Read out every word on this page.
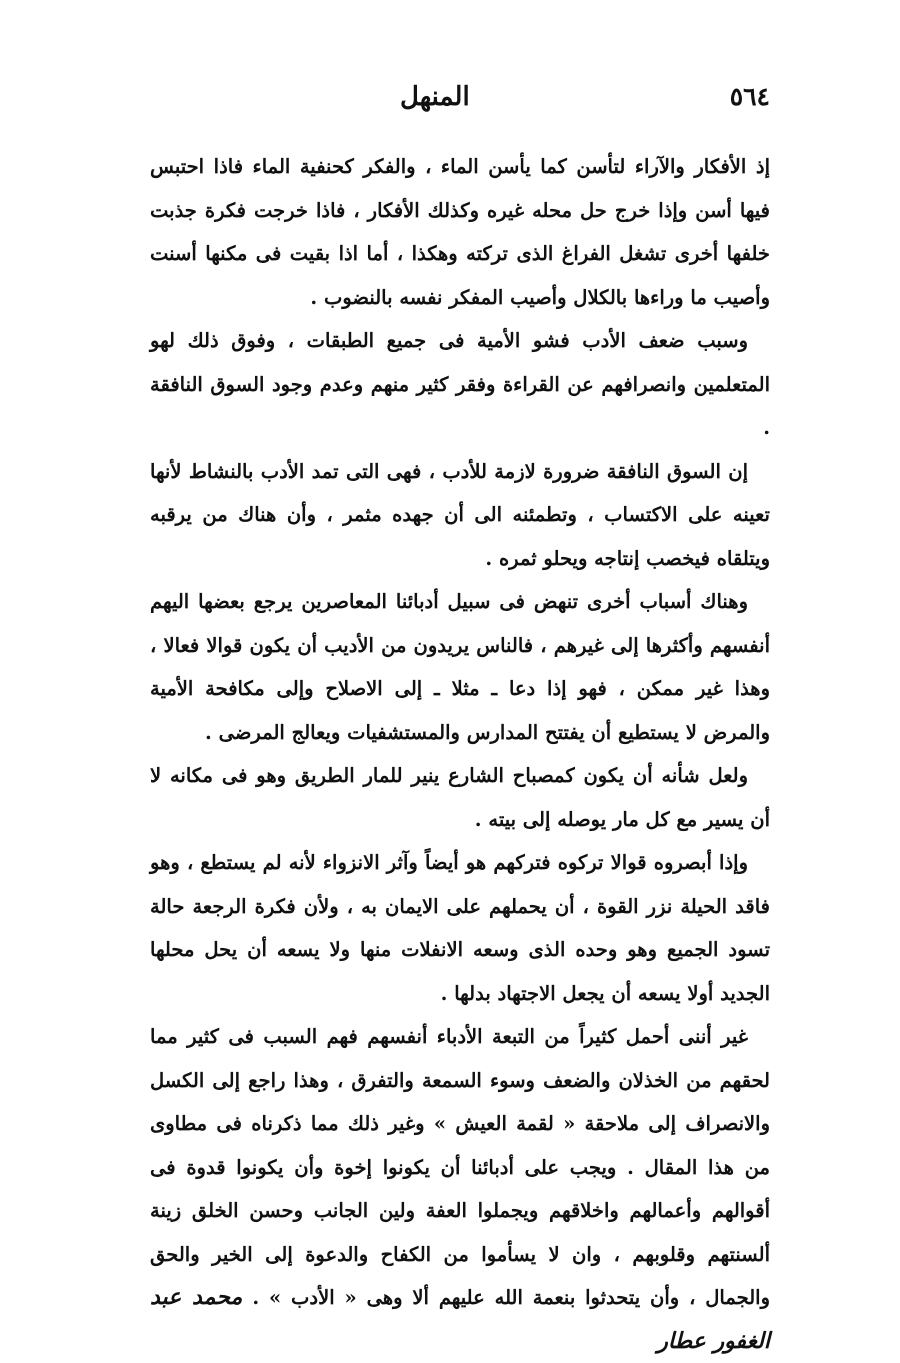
٥٦٤
المنهل

إذ الأفكار والآراء لتأسن كما يأسن الماء ، والفكر كحنفية الماء فاذا احتبس فيها أسن وإذا خرج حل محله غيره وكذلك الأفكار ، فاذا خرجت فكرة جذبت خلفها أخرى تشغل الفراغ الذى تركته وهكذا ، أما اذا بقيت فى مكنها أسنت وأصيب ما وراءها بالكلال وأصيب المفكر نفسه بالنضوب .

وسبب ضعف الأدب فشو الأمية فى جميع الطبقات ، وفوق ذلك لهو المتعلمين وانصرافهم عن القراءة وفقر كثير منهم وعدم وجود السوق النافقة .

إن السوق النافقة ضرورة لازمة للأدب ، فهى التى تمد الأدب بالنشاط لأنها تعينه على الاكتساب ، وتطمئنه الى أن جهده مثمر ، وأن هناك من يرقبه ويتلقاه فيخصب إنتاجه ويحلو ثمره .

وهناك أسباب أخرى تنهض فى سبيل أدبائنا المعاصرين يرجع بعضها اليهم أنفسهم وأكثرها إلى غيرهم ، فالناس يريدون من الأديب أن يكون قوالا فعالا ، وهذا غير ممكن ، فهو إذا دعا ـ مثلا ـ إلى الاصلاح وإلى مكافحة الأمية والمرض لا يستطيع أن يفتتح المدارس والمستشفيات ويعالج المرضى .

ولعل شأنه أن يكون كمصباح الشارع ينير للمار الطريق وهو فى مكانه لا أن يسير مع كل مار يوصله إلى بيته .

وإذا أبصروه قوالا تركوه فتركهم هو أيضاً وآثر الانزواء لأنه لم يستطع ، وهو فاقد الحيلة نزر القوة ، أن يحملهم على الايمان به ، ولأن فكرة الرجعة حالة تسود الجميع وهو وحده الذى وسعه الانفلات منها ولا يسعه أن يحل محلها الجديد أولا يسعه أن يجعل الاجتهاد بدلها .

غير أننى أحمل كثيراً من التبعة الأدباء أنفسهم فهم السبب فى كثير مما لحقهم من الخذلان والضعف وسوء السمعة والتفرق ، وهذا راجع إلى الكسل والانصراف إلى ملاحقة « لقمة العيش » وغير ذلك مما ذكرناه فى مطاوى من هذا المقال . ويجب على أدبائنا أن يكونوا إخوة وأن يكونوا قدوة فى أقوالهم وأعمالهم واخلاقهم ويجملوا العفة ولين الجانب وحسن الخلق زينة ألسنتهم وقلوبهم ، وان لا يسأموا من الكفاح والدعوة إلى الخير والحق والجمال ، وأن يتحدثوا بنعمة الله عليهم ألا وهى « الأدب » .محمد عبد الغفور عطار
